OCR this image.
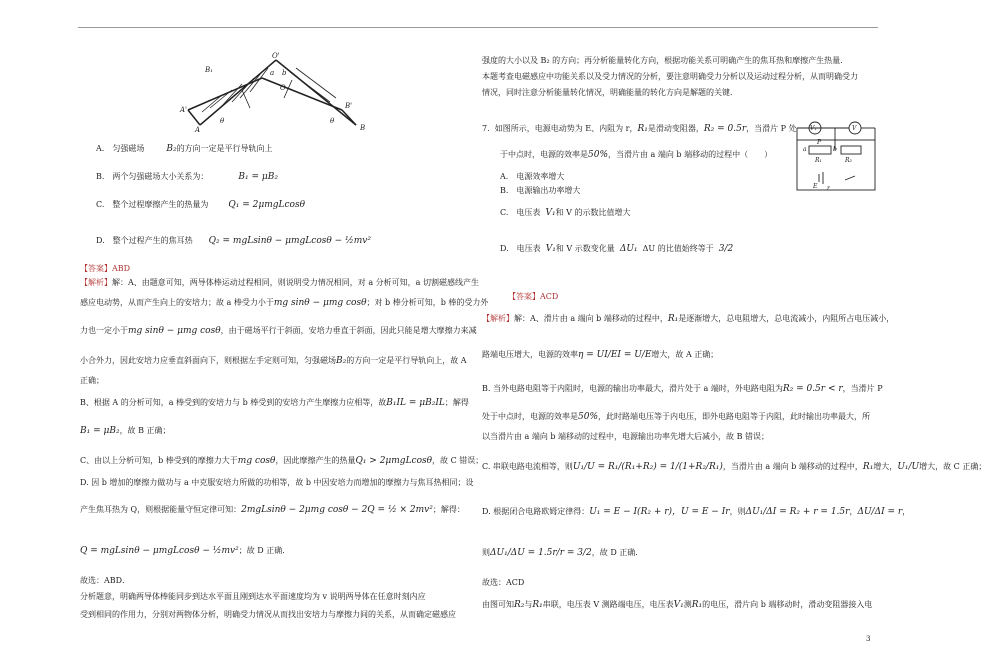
B₁
O'
O
A'
A
B'
B
a b
θ	θ
A.　匀强磁场 B₂的方向一定是平行导轨向上
B.　两个匀强磁场大小关系为：	B₁ = μB₂
C.　整个过程摩擦产生的热量为 Q₁ = 2μmgLcosθ
D.　整个过程产生的焦耳热 Q₂ = mgLsinθ − μmgLcosθ − ½mv²
【答案】ABD
【解析】解：A、由题意可知，两导体棒运动过程相同，则说明受力情况相同，对 a 分析可知，a 切割磁感线产生
感应电动势，从而产生向上的安培力；故 a 棒受力小于mg sinθ − μmg cosθ；对 b 棒分析可知，b 棒的受力外
力也一定小于mg sinθ − μmg cosθ，由于磁场平行于斜面，安培力垂直于斜面，因此只能是增大摩擦力来减
小合外力，因此安培力应垂直斜面向下，则根据左手定则可知，匀强磁场B₂的方向一定是平行导轨向上，故 A
正确；
B、根据 A 的分析可知，a 棒受到的安培力与 b 棒受到的安培力产生摩擦力应相等，故B₁IL = μB₂IL；解得
B₁ = μB₂，故 B 正确；
C、由以上分析可知，b 棒受到的摩擦力大于mg cosθ，因此摩擦产生的热量Q₁ > 2μmgLcosθ，故 C 错误；
D. 因 b 增加的摩擦力做功与 a 中克服安培力所做的功相等，故 b 中因安培力而增加的摩擦力与焦耳热相同；设
产生焦耳热为 Q，则根据能量守恒定律可知：2mgLsinθ − 2μmg cosθ − 2Q = ½ × 2mv²；解得：
Q = mgLsinθ − μmgLcosθ − ½mv²；故 D 正确．
故选：ABD．
分析题意，明确两导体棒能同步到达水平面且刚到达水平面速度均为 v 说明两导体在任意时刻内应
受到相同的作用力，分别对两物体分析，明确受力情况从而找出安培力与摩擦力间的关系，从而确定磁感应
强度的大小以及 B₂ 的方向；再分析能量转化方向，根据功能关系可明确产生的焦耳热和摩擦产生热量．
本题考查电磁感应中功能关系以及受力情况的分析，要注意明确受力分析以及运动过程分析，从而明确受力
情况，同时注意分析能量转化情况，明确能量的转化方向是解题的关键．
7. 如图所示，电源电动势为 E、内阻为 r，R₁是滑动变阻器，R₂ = 0.5r，当滑片 P 处
于中点时，电源的效率是50%，当滑片由 a 端向 b 端移动的过程中（　　）
A.　电源效率增大
B.　电源输出功率增大
C.　电压表 V₁和 V 的示数比值增大
D.　电压表 V₁和 V 示数变化量 ΔU₁ ΔU 的比值始终等于 3/2
V₁	V
a	b
R₁	R₂
E r
P
【答案】ACD
【解析】解：A、滑片由 a 端向 b 端移动的过程中，R₁是逐渐增大，总电阻增大，总电流减小，内阻所占电压减小，
路端电压增大，电源的效率η = UI/EI = U/E增大，故 A 正确；
B. 当外电路电阻等于内阻时，电源的输出功率最大，滑片处于 a 端时，外电路电阻为R₂ = 0.5r < r，当滑片 P
处于中点时，电源的效率是50%，此时路端电压等于内电压，即外电路电阻等于内阻，此时输出功率最大，所
以当滑片由 a 端向 b 端移动的过程中，电源输出功率先增大后减小，故 B 错误；
C. 串联电路电流相等，则U₁/U = R₁/(R₁+R₂) = 1/(1+R₂/R₁)，当滑片由 a 端向 b 端移动的过程中，R₁增大，U₁/U增大，故 C 正确；
D. 根据闭合电路欧姆定律得：U₁ = E − I(R₂ + r)，U = E − Ir，则ΔU₁/ΔI = R₂ + r = 1.5r，ΔU/ΔI = r，
则ΔU₁/ΔU = 1.5r/r = 3/2，故 D 正确．
故选：ACD
由图可知R₂与R₁串联，电压表 V 测路端电压，电压表V₁测R₁的电压，滑片向 b 端移动时，滑动变阻器接入电
3
